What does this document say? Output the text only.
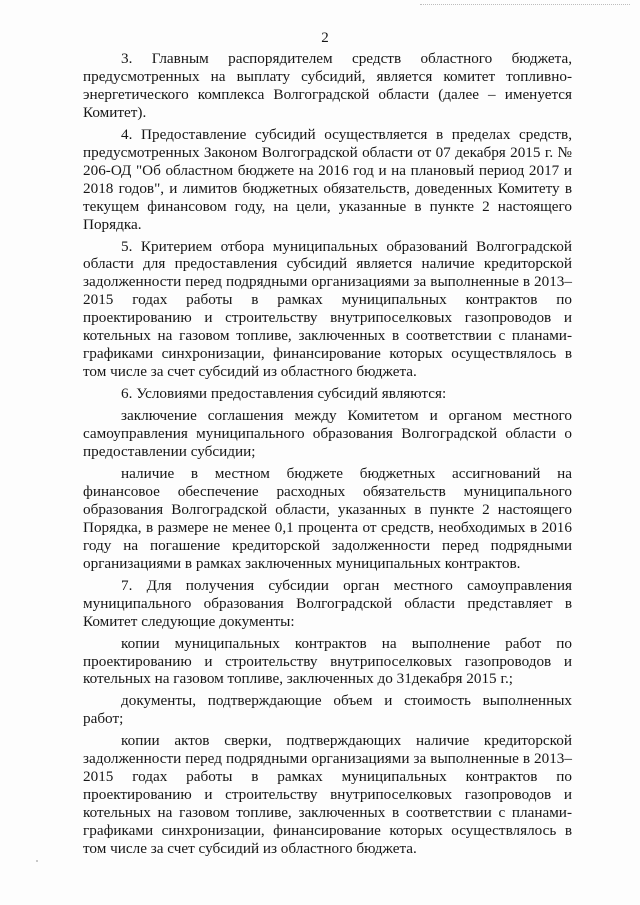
2

3. Главным распорядителем средств областного бюджета, предусмотренных на выплату субсидий, является комитет топливно-энергетического комплекса Волгоградской области (далее – именуется Комитет).

4. Предоставление субсидий осуществляется в пределах средств, предусмотренных Законом Волгоградской области от 07 декабря 2015 г. № 206-ОД "Об областном бюджете на 2016 год и на плановый период 2017 и 2018 годов", и лимитов бюджетных обязательств, доведенных Комитету в текущем финансовом году, на цели, указанные в пункте 2 настоящего Порядка.

5. Критерием отбора муниципальных образований Волгоградской области для предоставления субсидий является наличие кредиторской задолженности перед подрядными организациями за выполненные в 2013–2015 годах работы в рамках муниципальных контрактов по проектированию и строительству внутрипоселковых газопроводов и котельных на газовом топливе, заключенных в соответствии с планами-графиками синхронизации, финансирование которых осуществлялось в том числе за счет субсидий из областного бюджета.

6. Условиями предоставления субсидий являются:

заключение соглашения между Комитетом и органом местного самоуправления муниципального образования Волгоградской области о предоставлении субсидии;

наличие в местном бюджете бюджетных ассигнований на финансовое обеспечение расходных обязательств муниципального образования Волгоградской области, указанных в пункте 2 настоящего Порядка, в размере не менее 0,1 процента от средств, необходимых в 2016 году на погашение кредиторской задолженности перед подрядными организациями в рамках заключенных муниципальных контрактов.

7. Для получения субсидии орган местного самоуправления муниципального образования Волгоградской области представляет в Комитет следующие документы:

копии муниципальных контрактов на выполнение работ по проектированию и строительству внутрипоселковых газопроводов и котельных на газовом топливе, заключенных до 31декабря 2015 г.;

документы, подтверждающие объем и стоимость выполненных работ;

копии актов сверки, подтверждающих наличие кредиторской задолженности перед подрядными организациями за выполненные в 2013–2015 годах работы в рамках муниципальных контрактов по проектированию и строительству внутрипоселковых газопроводов и котельных на газовом топливе, заключенных в соответствии с планами-графиками синхронизации, финансирование которых осуществлялось в том числе за счет субсидий из областного бюджета.
